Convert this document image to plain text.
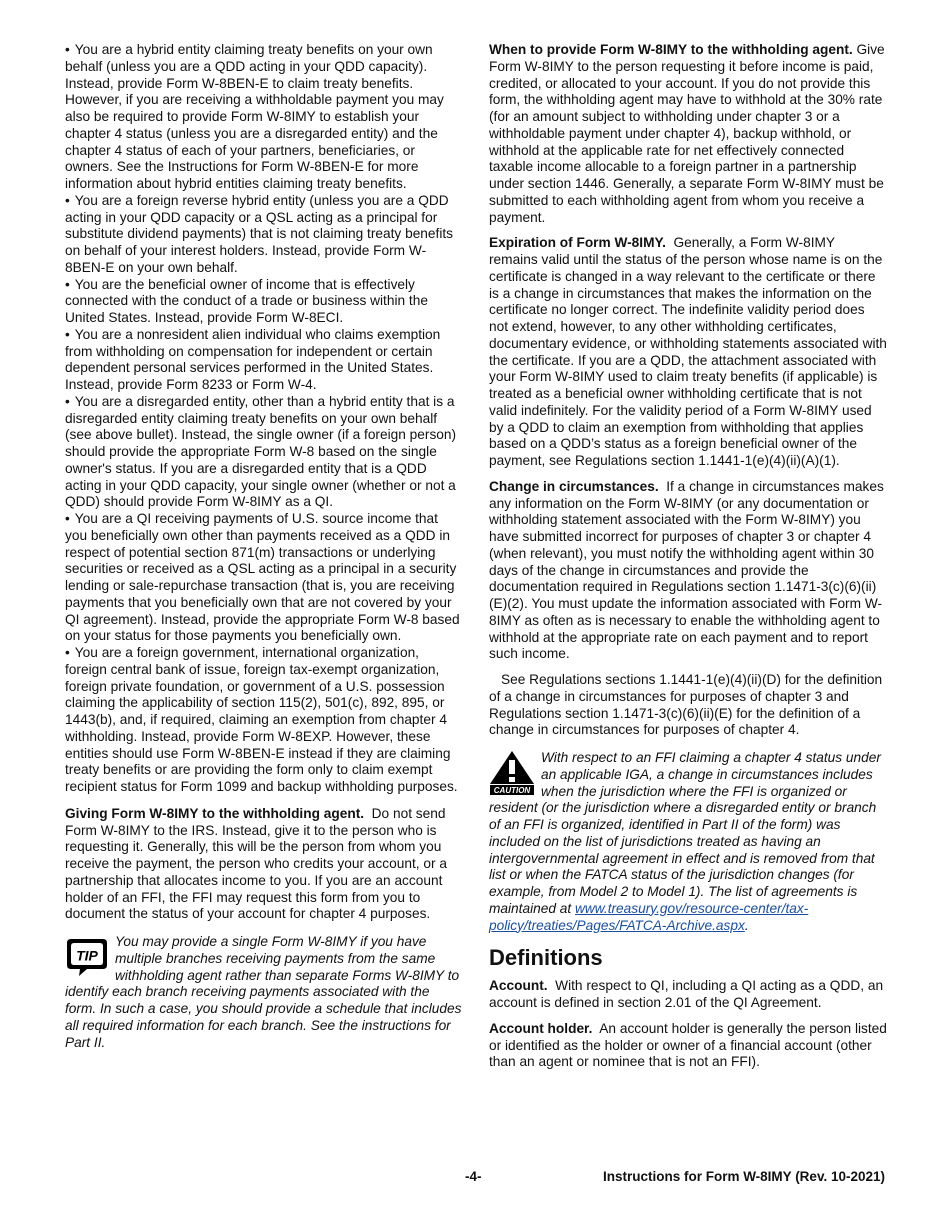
• You are a hybrid entity claiming treaty benefits on your own behalf (unless you are a QDD acting in your QDD capacity). Instead, provide Form W-8BEN-E to claim treaty benefits. However, if you are receiving a withholdable payment you may also be required to provide Form W-8IMY to establish your chapter 4 status (unless you are a disregarded entity) and the chapter 4 status of each of your partners, beneficiaries, or owners. See the Instructions for Form W-8BEN-E for more information about hybrid entities claiming treaty benefits.

• You are a foreign reverse hybrid entity (unless you are a QDD acting in your QDD capacity or a QSL acting as a principal for substitute dividend payments) that is not claiming treaty benefits on behalf of your interest holders. Instead, provide Form W-8BEN-E on your own behalf.

• You are the beneficial owner of income that is effectively connected with the conduct of a trade or business within the United States. Instead, provide Form W-8ECI.

• You are a nonresident alien individual who claims exemption from withholding on compensation for independent or certain dependent personal services performed in the United States. Instead, provide Form 8233 or Form W-4.

• You are a disregarded entity, other than a hybrid entity that is a disregarded entity claiming treaty benefits on your own behalf (see above bullet). Instead, the single owner (if a foreign person) should provide the appropriate Form W-8 based on the single owner's status. If you are a disregarded entity that is a QDD acting in your QDD capacity, your single owner (whether or not a QDD) should provide Form W-8IMY as a QI.

• You are a QI receiving payments of U.S. source income that you beneficially own other than payments received as a QDD in respect of potential section 871(m) transactions or underlying securities or received as a QSL acting as a principal in a security lending or sale-repurchase transaction (that is, you are receiving payments that you beneficially own that are not covered by your QI agreement). Instead, provide the appropriate Form W-8 based on your status for those payments you beneficially own.

• You are a foreign government, international organization, foreign central bank of issue, foreign tax-exempt organization, foreign private foundation, or government of a U.S. possession claiming the applicability of section 115(2), 501(c), 892, 895, or 1443(b), and, if required, claiming an exemption from chapter 4 withholding. Instead, provide Form W-8EXP. However, these entities should use Form W-8BEN-E instead if they are claiming treaty benefits or are providing the form only to claim exempt recipient status for Form 1099 and backup withholding purposes.

Giving Form W-8IMY to the withholding agent. Do not send Form W-8IMY to the IRS. Instead, give it to the person who is requesting it. Generally, this will be the person from whom you receive the payment, the person who credits your account, or a partnership that allocates income to you. If you are an account holder of an FFI, the FFI may request this form from you to document the status of your account for chapter 4 purposes.

TIP
You may provide a single Form W-8IMY if you have multiple branches receiving payments from the same withholding agent rather than separate Forms W-8IMY to identify each branch receiving payments associated with the form. In such a case, you should provide a schedule that includes all required information for each branch. See the instructions for Part II.

When to provide Form W-8IMY to the withholding agent. Give Form W-8IMY to the person requesting it before income is paid, credited, or allocated to your account. If you do not provide this form, the withholding agent may have to withhold at the 30% rate (for an amount subject to withholding under chapter 3 or a withholdable payment under chapter 4), backup withhold, or withhold at the applicable rate for net effectively connected taxable income allocable to a foreign partner in a partnership under section 1446. Generally, a separate Form W-8IMY must be submitted to each withholding agent from whom you receive a payment.

Expiration of Form W-8IMY. Generally, a Form W-8IMY remains valid until the status of the person whose name is on the certificate is changed in a way relevant to the certificate or there is a change in circumstances that makes the information on the certificate no longer correct. The indefinite validity period does not extend, however, to any other withholding certificates, documentary evidence, or withholding statements associated with the certificate. If you are a QDD, the attachment associated with your Form W-8IMY used to claim treaty benefits (if applicable) is treated as a beneficial owner withholding certificate that is not valid indefinitely. For the validity period of a Form W-8IMY used by a QDD to claim an exemption from withholding that applies based on a QDD’s status as a foreign beneficial owner of the payment, see Regulations section 1.1441-1(e)(4)(ii)(A)(1).

Change in circumstances. If a change in circumstances makes any information on the Form W-8IMY (or any documentation or withholding statement associated with the Form W-8IMY) you have submitted incorrect for purposes of chapter 3 or chapter 4 (when relevant), you must notify the withholding agent within 30 days of the change in circumstances and provide the documentation required in Regulations section 1.1471-3(c)(6)(ii)(E)(2). You must update the information associated with Form W-8IMY as often as is necessary to enable the withholding agent to withhold at the appropriate rate on each payment and to report such income.

See Regulations sections 1.1441-1(e)(4)(ii)(D) for the definition of a change in circumstances for purposes of chapter 3 and Regulations section 1.1471-3(c)(6)(ii)(E) for the definition of a change in circumstances for purposes of chapter 4.

CAUTION
With respect to an FFI claiming a chapter 4 status under an applicable IGA, a change in circumstances includes when the jurisdiction where the FFI is organized or resident (or the jurisdiction where a disregarded entity or branch of an FFI is organized, identified in Part II of the form) was included on the list of jurisdictions treated as having an intergovernmental agreement in effect and is removed from that list or when the FATCA status of the jurisdiction changes (for example, from Model 2 to Model 1). The list of agreements is maintained at www.treasury.gov/resource-center/tax-policy/treaties/Pages/FATCA-Archive.aspx.
Definitions

Account. With respect to QI, including a QI acting as a QDD, an account is defined in section 2.01 of the QI Agreement.

Account holder. An account holder is generally the person listed or identified as the holder or owner of a financial account (other than an agent or nominee that is not an FFI).

-4-	Instructions for Form W-8IMY (Rev. 10-2021)
